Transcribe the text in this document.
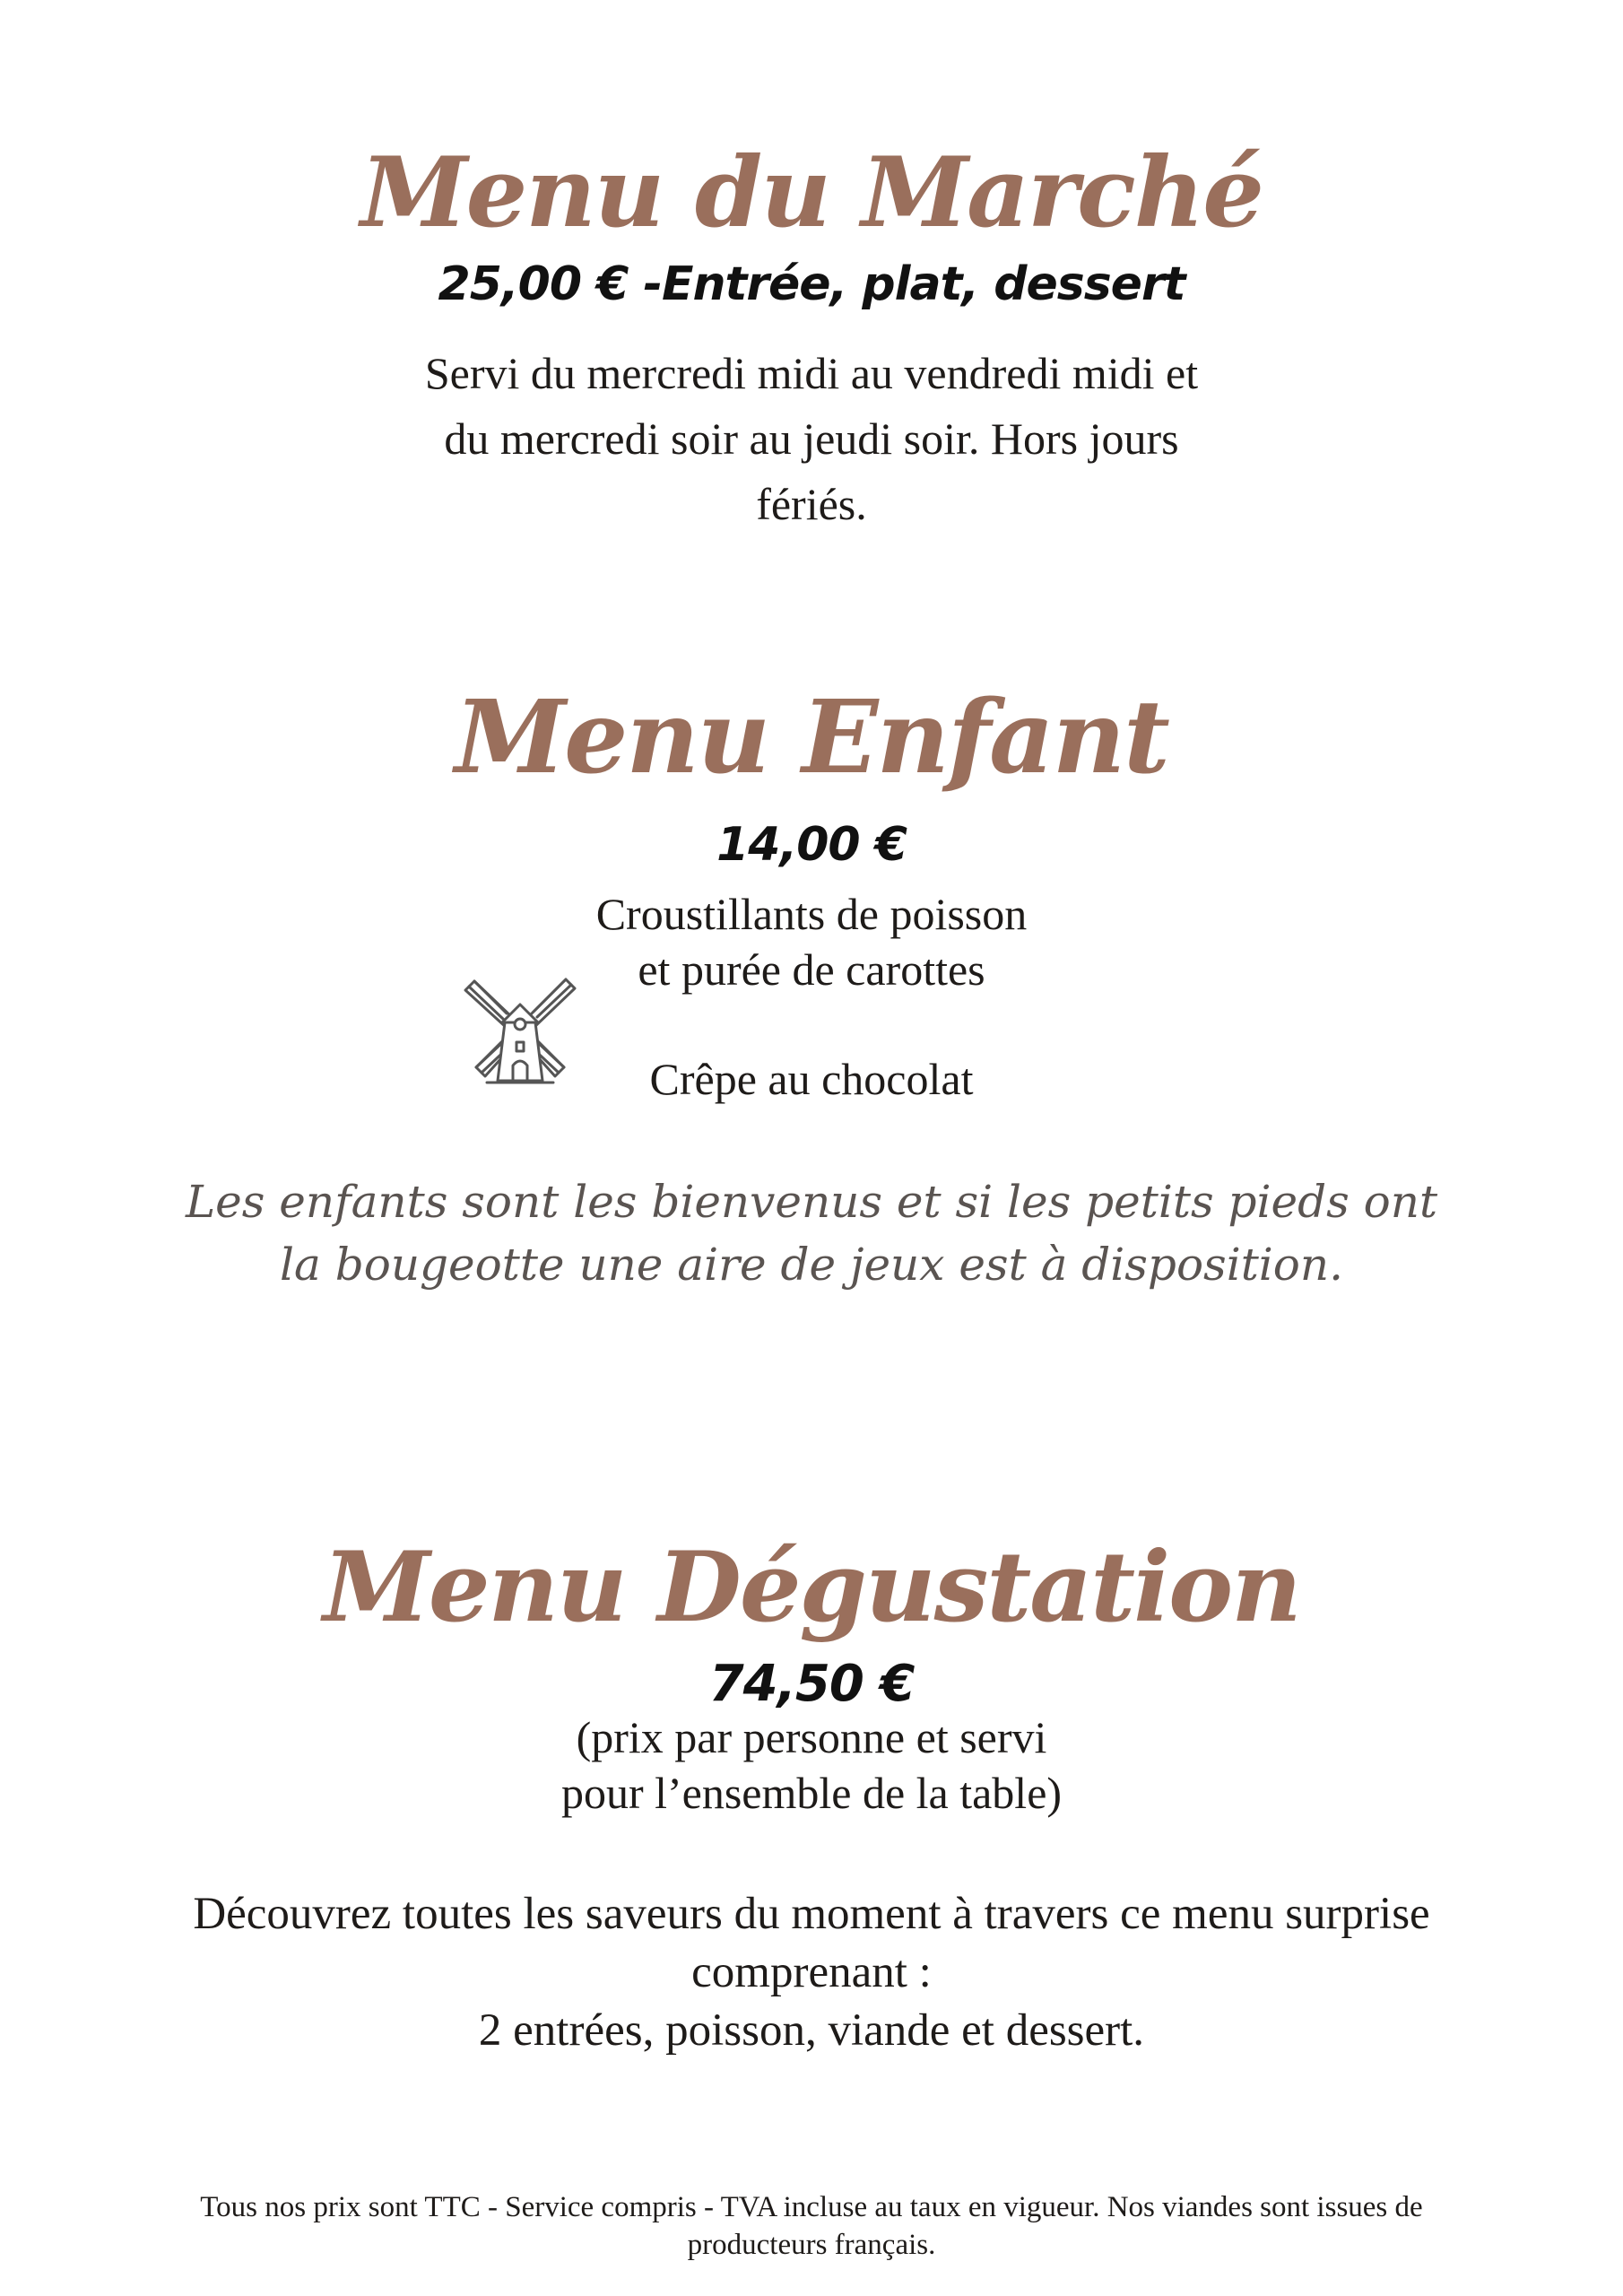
Menu du Marché
25,00 € -Entrée, plat, dessert
Servi du mercredi midi au vendredi midi et
du mercredi soir au jeudi soir. Hors jours
fériés.
Menu Enfant
14,00 €
Croustillants de poisson
et purée de carottes
Crêpe au chocolat
Les enfants sont les bienvenus et si les petits pieds ont
la bougeotte une aire de jeux est à disposition.
Menu Dégustation
74,50 €
(prix par personne et servi
pour l’ensemble de la table)
Découvrez toutes les saveurs du moment à travers ce menu surprise
comprenant :
2 entrées, poisson, viande et dessert.
Tous nos prix sont TTC - Service compris - TVA incluse au taux en vigueur. Nos viandes sont issues de
producteurs français.
